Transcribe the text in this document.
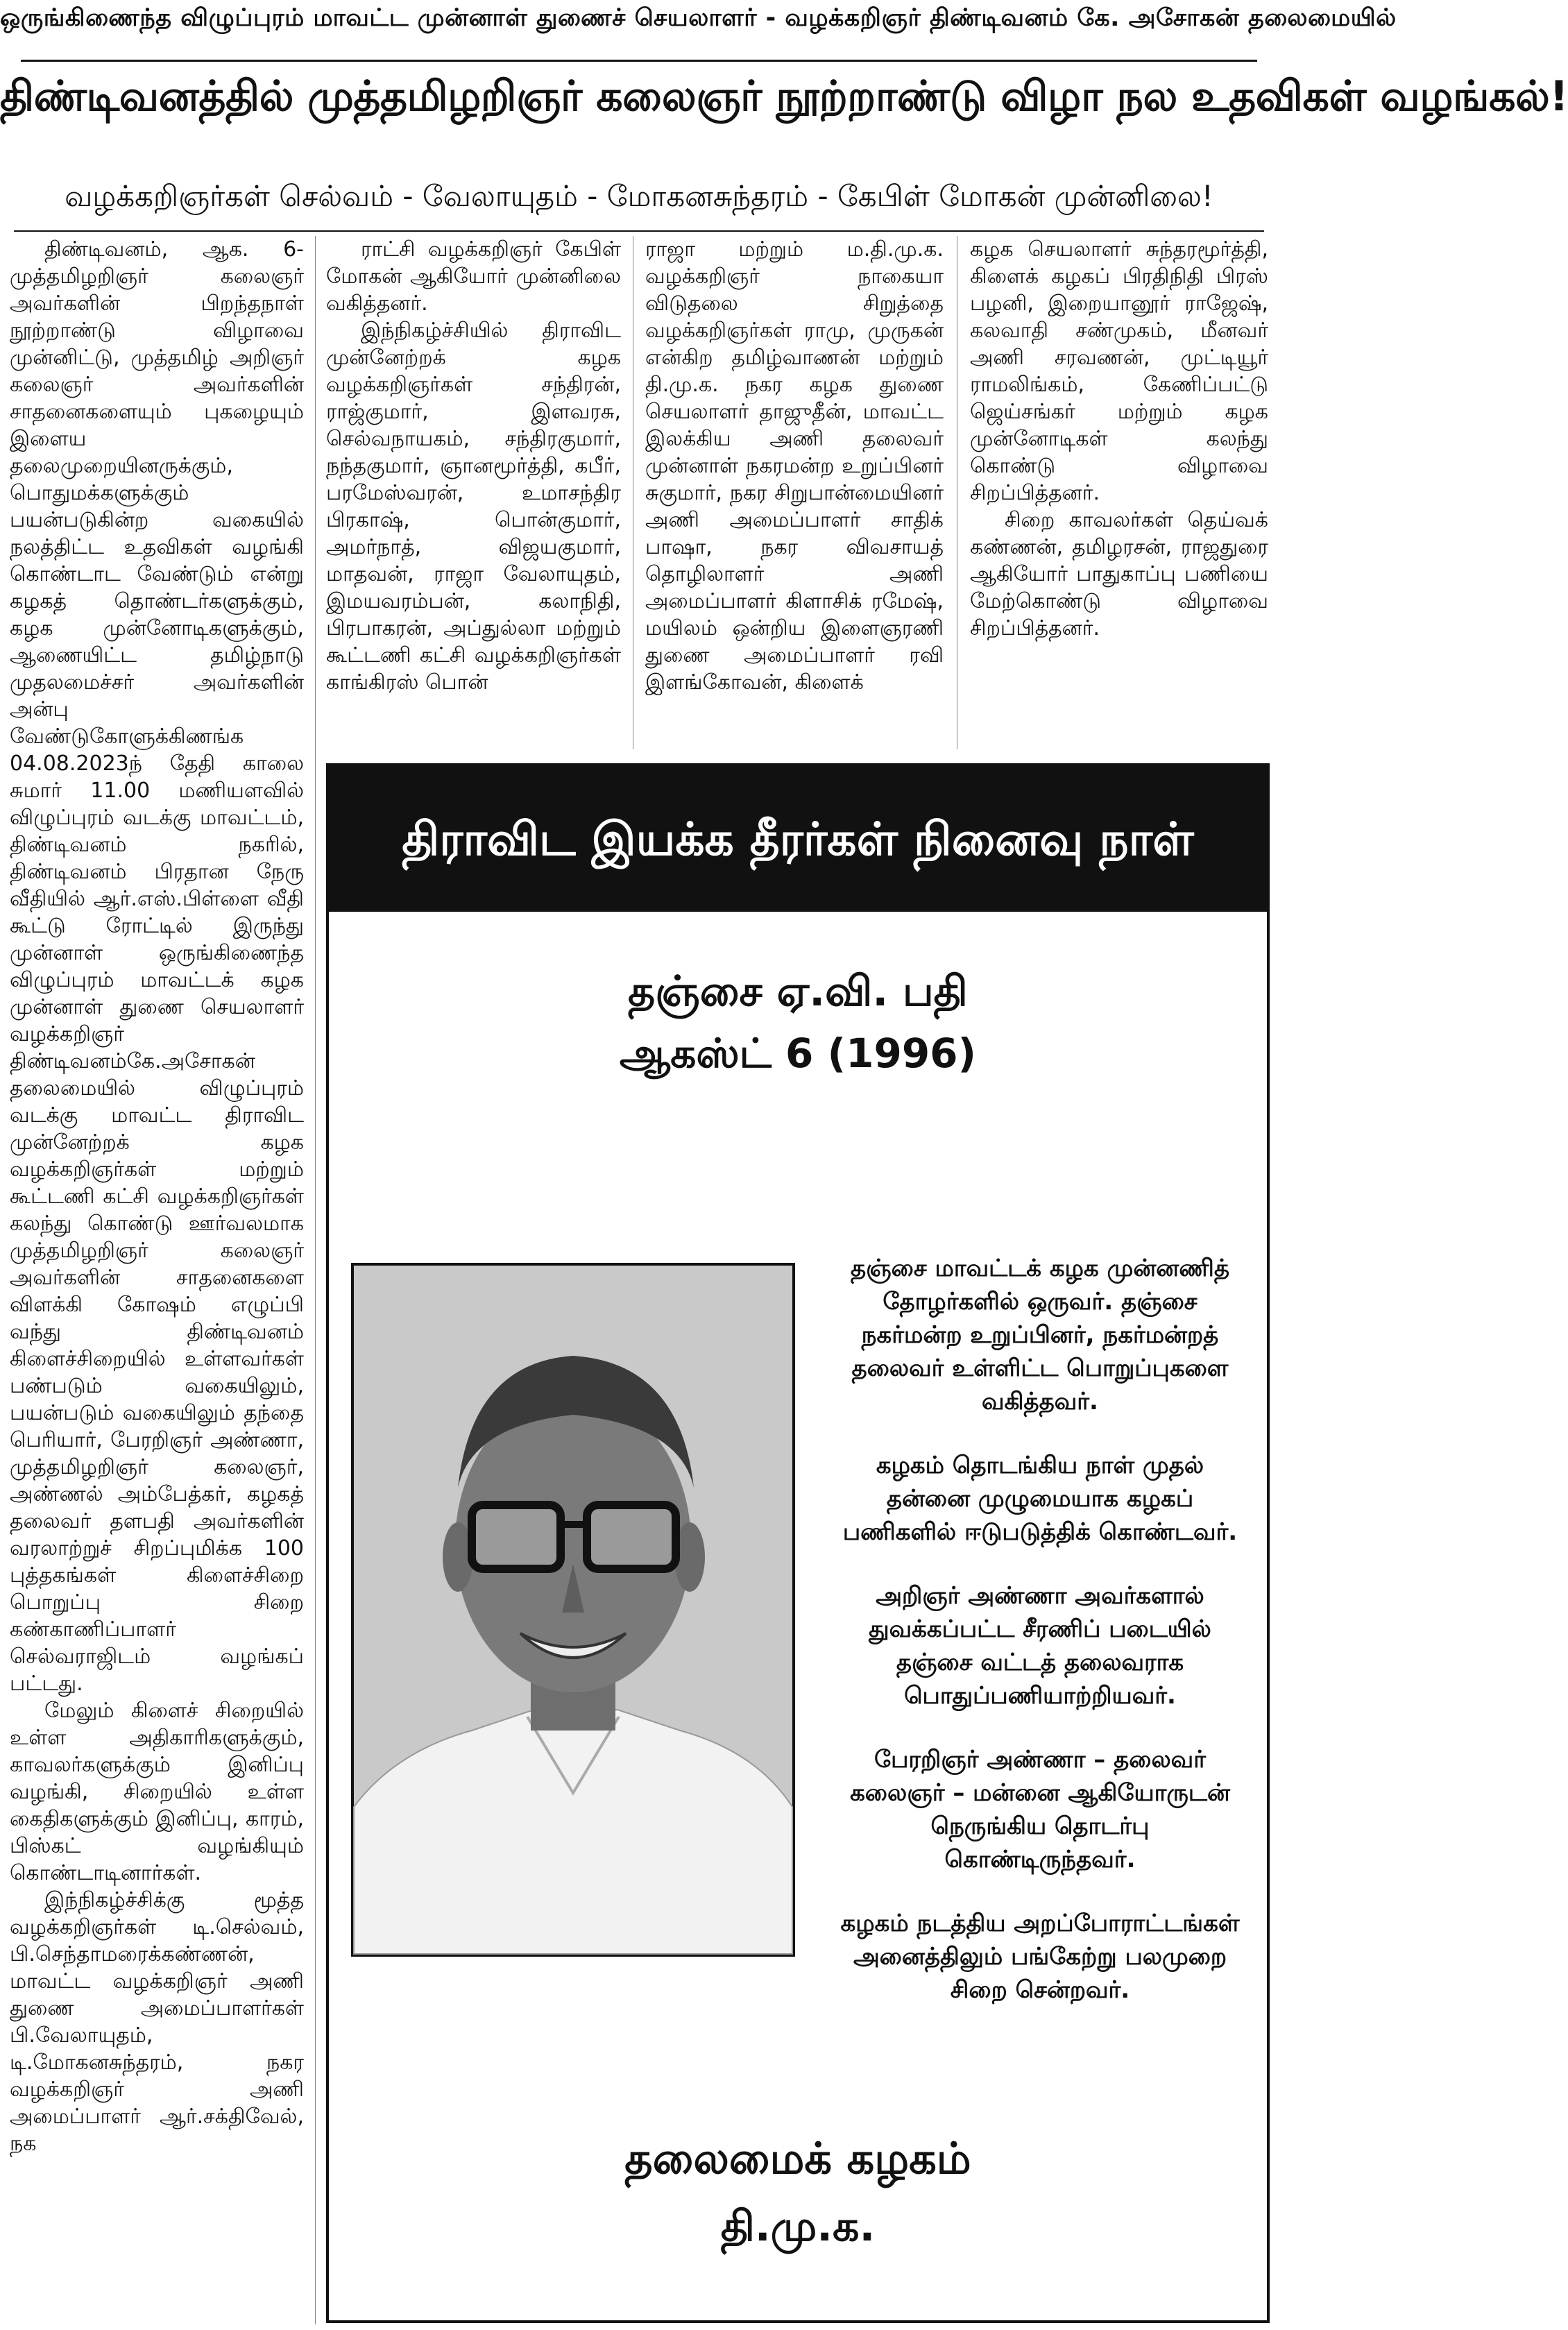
ஒருங்கிணைந்த விழுப்புரம் மாவட்ட முன்னாள் துணைச் செயலாளர் - வழக்கறிஞர் திண்டிவனம் கே. அசோகன் தலைமையில்
திண்டிவனத்தில் முத்தமிழறிஞர் கலைஞர் நூற்றாண்டு விழா நல உதவிகள் வழங்கல்!
வழக்கறிஞர்கள் செல்வம் - வேலாயுதம் - மோகனசுந்தரம் - கேபிள் மோகன் முன்னிலை!

திண்டிவனம், ஆக. 6- முத்தமிழறிஞர் கலைஞர் அவர்களின் பிறந்தநாள் நூற்றாண்டு விழாவை முன்னிட்டு, முத்தமிழ் அறிஞர் கலைஞர் அவர்களின் சாதனைகளையும் புகழையும் இளைய தலைமுறையினருக்கும், பொதுமக்களுக்கும் பயன்படுகின்ற வகையில் நலத்திட்ட உதவிகள் வழங்கி கொண்டாட வேண்டும் என்று கழகத் தொண்டர்களுக்கும், கழக முன்னோடிகளுக்கும், ஆணையிட்ட தமிழ்நாடு முதலமைச்சர் அவர்களின் அன்பு வேண்டுகோளுக்கிணங்க 04.08.2023ந் தேதி காலை சுமார் 11.00 மணியளவில் விழுப்புரம் வடக்கு மாவட்டம், திண்டிவனம் நகரில், திண்டிவனம் பிரதான நேரு வீதியில் ஆர்.எஸ்.பிள்ளை வீதி கூட்டு ரோட்டில் இருந்து முன்னாள் ஒருங்கிணைந்த விழுப்புரம் மாவட்டக் கழக முன்னாள் துணை செயலாளர் வழக்கறிஞர் திண்டிவனம்கே.அசோகன் தலைமையில் விழுப்புரம் வடக்கு மாவட்ட திராவிட முன்னேற்றக் கழக வழக்கறிஞர்கள் மற்றும் கூட்டணி கட்சி வழக்கறிஞர்கள் கலந்து கொண்டு ஊர்வலமாக முத்தமிழறிஞர் கலைஞர் அவர்களின் சாதனைகளை விளக்கி கோஷம் எழுப்பி வந்து திண்டிவனம் கிளைச்சிறையில் உள்ளவர்கள் பண்படும் வகையிலும், பயன்படும் வகையிலும் தந்தை பெரியார், பேரறிஞர் அண்ணா, முத்தமிழறிஞர் கலைஞர், அண்ணல் அம்பேத்கர், கழகத் தலைவர் தளபதி அவர்களின் வரலாற்றுச் சிறப்புமிக்க 100 புத்தகங்கள் கிளைச்சிறை பொறுப்பு சிறை கண்காணிப்பாளர் செல்வராஜிடம் வழங்கப் பட்டது.

மேலும் கிளைச் சிறையில் உள்ள அதிகாரிகளுக்கும், காவலர்களுக்கும் இனிப்பு வழங்கி, சிறையில் உள்ள கைதிகளுக்கும் இனிப்பு, காரம், பிஸ்கட் வழங்கியும் கொண்டாடினார்கள்.

இந்நிகழ்ச்சிக்கு மூத்த வழக்கறிஞர்கள் டி.செல்வம், பி.செந்தாமரைக்கண்ணன், மாவட்ட வழக்கறிஞர் அணி துணை அமைப்பாளர்கள் பி.வேலாயுதம், டி.மோகனசுந்தரம், நகர வழக்கறிஞர் அணி அமைப்பாளர் ஆர்.சக்திவேல், நக

ராட்சி வழக்கறிஞர் கேபிள் மோகன் ஆகியோர் முன்னிலை வகித்தனர்.

இந்நிகழ்ச்சியில் திராவிட முன்னேற்றக் கழக வழக்கறிஞர்கள் சந்திரன், ராஜ்குமார், இளவரசு, செல்வநாயகம், சந்திரகுமார், நந்தகுமார், ஞானமூர்த்தி, கபீர், பரமேஸ்வரன், உமாசந்திர பிரகாஷ், பொன்குமார், அமர்நாத், விஜயகுமார், மாதவன், ராஜா வேலாயுதம், இமயவரம்பன், கலாநிதி, பிரபாகரன், அப்துல்லா மற்றும் கூட்டணி கட்சி வழக்கறிஞர்கள் காங்கிரஸ் பொன்

ராஜா மற்றும் ம.தி.மு.க. வழக்கறிஞர் நாகையா விடுதலை சிறுத்தை வழக்கறிஞர்கள் ராமு, முருகன் என்கிற தமிழ்வாணன் மற்றும் தி.மு.க. நகர கழக துணை செயலாளர் தாஜுதீன், மாவட்ட இலக்கிய அணி தலைவர் முன்னாள் நகரமன்ற உறுப்பினர் சுகுமார், நகர சிறுபான்மையினர் அணி அமைப்பாளர் சாதிக் பாஷா, நகர விவசாயத் தொழிலாளர் அணி அமைப்பாளர் கிளாசிக் ரமேஷ், மயிலம் ஒன்றிய இளைஞரணி துணை அமைப்பாளர் ரவி இளங்கோவன், கிளைக்

கழக செயலாளர் சுந்தரமூர்த்தி, கிளைக் கழகப் பிரதிநிதி பிரஸ் பழனி, இறையானூர் ராஜேஷ், கலவாதி சண்முகம், மீனவர் அணி சரவணன், முட்டியூர் ராமலிங்கம், கேணிப்பட்டு ஜெய்சங்கர் மற்றும் கழக முன்னோடிகள் கலந்து கொண்டு விழாவை சிறப்பித்தனர்.

சிறை காவலர்கள் தெய்வக் கண்ணன், தமிழரசன், ராஜதுரை ஆகியோர் பாதுகாப்பு பணியை மேற்கொண்டு விழாவை சிறப்பித்தனர்.

திராவிட இயக்க தீரர்கள் நினைவு நாள்
தஞ்சை ஏ.வி. பதி
ஆகஸ்ட் 6 (1996)

தஞ்சை மாவட்டக் கழக முன்னணித் தோழர்களில் ஒருவர். தஞ்சை நகர்மன்ற உறுப்பினர், நகர்மன்றத் தலைவர் உள்ளிட்ட பொறுப்புகளை வகித்தவர்.

கழகம் தொடங்கிய நாள் முதல் தன்னை முழுமையாக கழகப் பணிகளில் ஈடுபடுத்திக் கொண்டவர்.

அறிஞர் அண்ணா அவர்களால் துவக்கப்பட்ட சீரணிப் படையில் தஞ்சை வட்டத் தலைவராக பொதுப்பணியாற்றியவர்.

பேரறிஞர் அண்ணா – தலைவர் கலைஞர் – மன்னை ஆகியோருடன் நெருங்கிய தொடர்பு கொண்டிருந்தவர்.

கழகம் நடத்திய அறப்போராட்டங்கள் அனைத்திலும் பங்கேற்று பலமுறை சிறை சென்றவர்.

தலைமைக் கழகம்
தி.மு.க.
